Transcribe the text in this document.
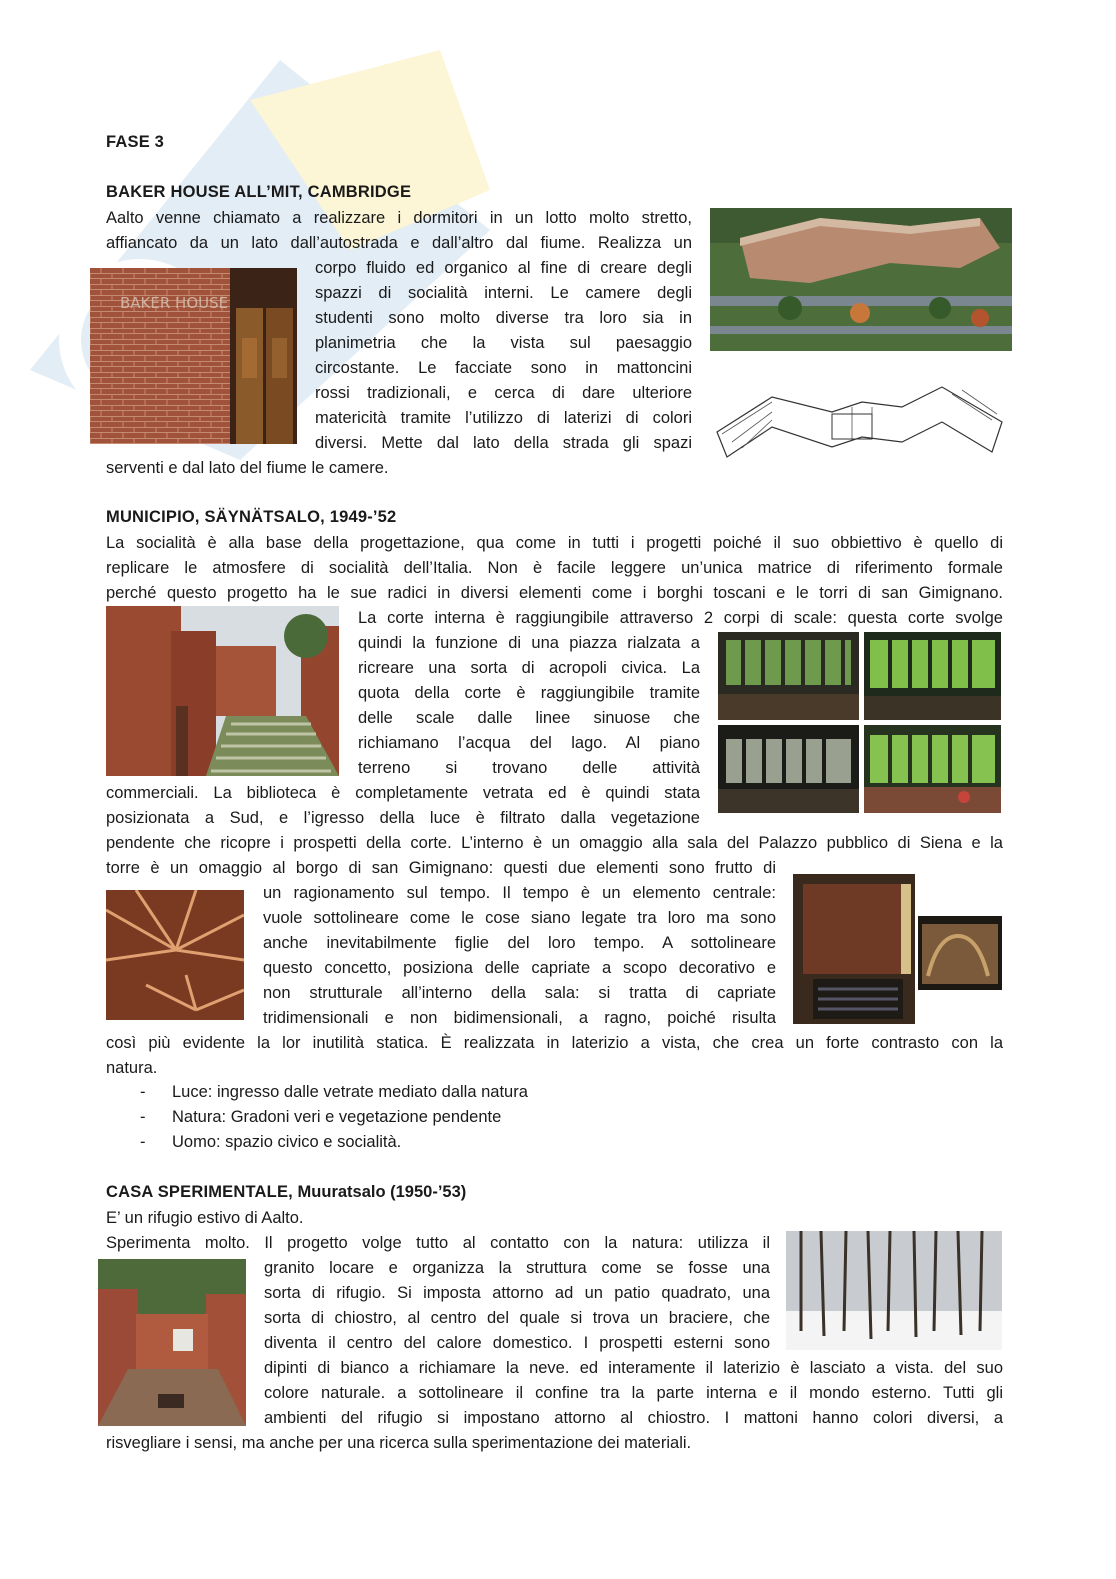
FASE 3
BAKER HOUSE ALL’MIT, CAMBRIDGE
Aalto venne chiamato a realizzare i dormitori in un lotto molto stretto,
affiancato da un lato dall’autostrada e dall’altro dal fiume. Realizza un
corpo fluido ed organico al fine di creare degli
spazzi di socialità interni. Le camere degli
studenti sono molto diverse tra loro sia in
planimetria che la vista sul paesaggio
circostante. Le facciate sono in mattoncini
rossi tradizionali, e cerca di dare ulteriore
matericità tramite l’utilizzo di laterizi di colori
diversi. Mette dal lato della strada gli spazi
serventi e dal lato del fiume le camere.
BAKER HOUSE
MUNICIPIO, SÄYNÄTSALO, 1949-’52
La socialità è alla base della progettazione, qua come in tutti i progetti poiché il suo obbiettivo è quello di
replicare le atmosfere di socialità dell’Italia. Non è facile leggere un’unica matrice di riferimento formale
perché questo progetto ha le sue radici in diversi elementi come i borghi toscani e le torri di san Gimignano.
La corte interna è raggiungibile attraverso 2 corpi di scale: questa corte svolge
quindi la funzione di una piazza rialzata a
ricreare una sorta di acropoli civica. La
quota della corte è raggiungibile tramite
delle scale dalle linee sinuose che
richiamano l’acqua del lago. Al piano
terreno si trovano delle attività
commerciali. La biblioteca è completamente vetrata ed è quindi stata
posizionata a Sud, e l’igresso della luce è filtrato dalla vegetazione
pendente che ricopre i prospetti della corte. L’interno è un omaggio alla sala del Palazzo pubblico di Siena e la
torre è un omaggio al borgo di san Gimignano: questi due elementi sono frutto di
un ragionamento sul tempo. Il tempo è un elemento centrale:
vuole sottolineare come le cose siano legate tra loro ma sono
anche inevitabilmente figlie del loro tempo. A sottolineare
questo concetto, posiziona delle capriate a scopo decorativo e
non strutturale all’interno della sala: si tratta di capriate
tridimensionali e non bidimensionali, a ragno, poiché risulta
così più evidente la lor inutilità statica. È realizzata in laterizio a vista, che crea un forte contrasto con la
natura.
- Luce: ingresso dalle vetrate mediato dalla natura
- Natura: Gradoni veri e vegetazione pendente
- Uomo: spazio civico e socialità.
CASA SPERIMENTALE, Muuratsalo (1950-’53)
E’ un rifugio estivo di Aalto.
Sperimenta molto. Il progetto volge tutto al contatto con la natura: utilizza il
granito locare e organizza la struttura come se fosse una
sorta di rifugio. Si imposta attorno ad un patio quadrato, una
sorta di chiostro, al centro del quale si trova un braciere, che
diventa il centro del calore domestico. I prospetti esterni sono
dipinti di bianco a richiamare la neve. ed interamente il laterizio è lasciato a vista. del suo
colore naturale. a sottolineare il confine tra la parte interna e il mondo esterno. Tutti gli
ambienti del rifugio si impostano attorno al chiostro. I mattoni hanno colori diversi, a
risvegliare i sensi, ma anche per una ricerca sulla sperimentazione dei materiali.
